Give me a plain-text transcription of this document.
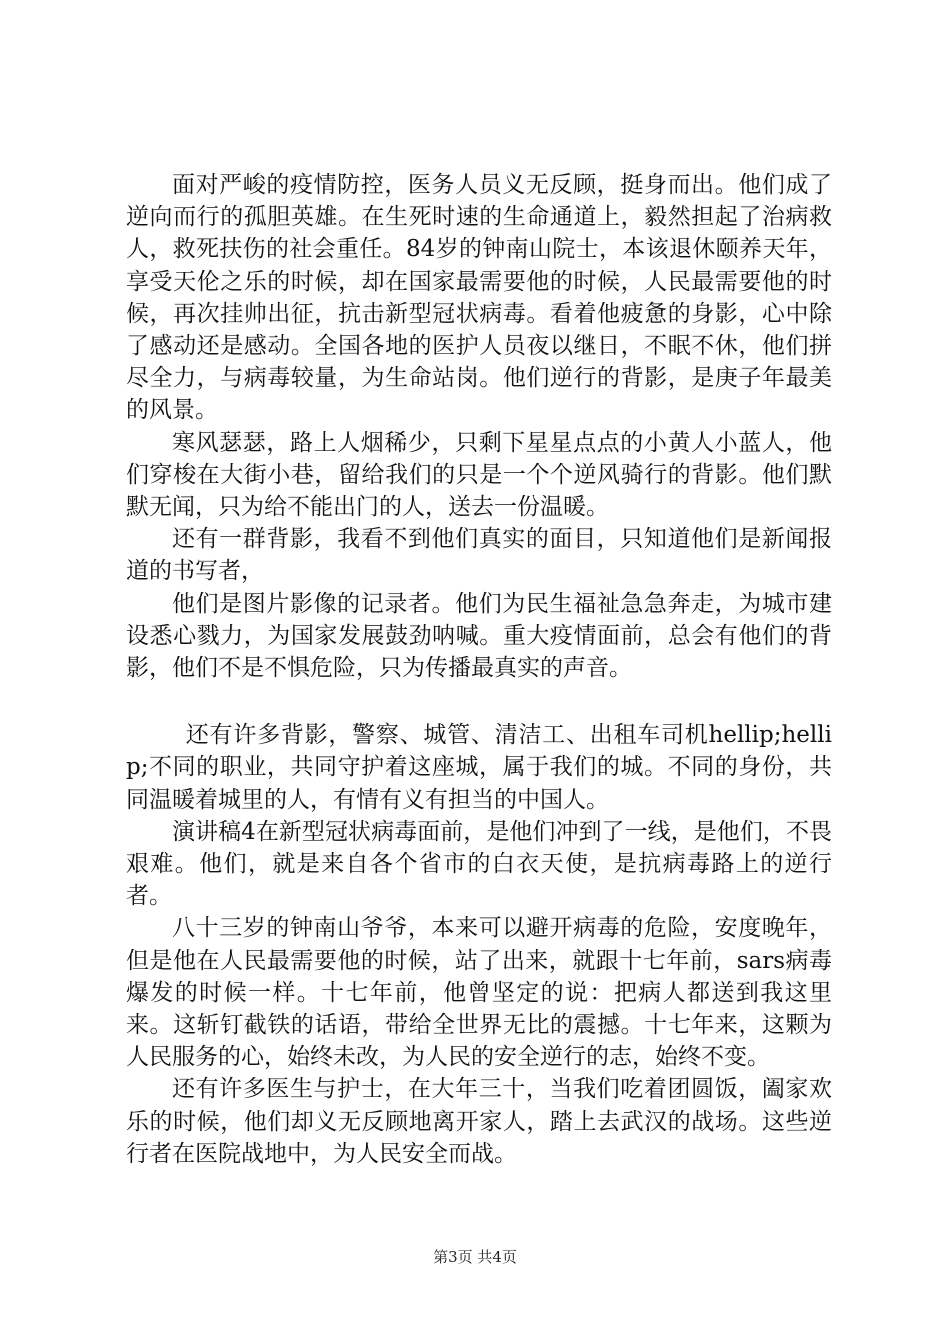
面对严峻的疫情防控，医务人员义无反顾，挺身而出。他们成了逆向而行的孤胆英雄。在生死时速的生命通道上，毅然担起了治病救人，救死扶伤的社会重任。84岁的钟南山院士，本该退休颐养天年，享受天伦之乐的时候，却在国家最需要他的时候，人民最需要他的时候，再次挂帅出征，抗击新型冠状病毒。看着他疲惫的身影，心中除了感动还是感动。全国各地的医护人员夜以继日，不眠不休，他们拼尽全力，与病毒较量，为生命站岗。他们逆行的背影，是庚子年最美的风景。

寒风瑟瑟，路上人烟稀少，只剩下星星点点的小黄人小蓝人，他们穿梭在大街小巷，留给我们的只是一个个逆风骑行的背影。他们默默无闻，只为给不能出门的人，送去一份温暖。

还有一群背影，我看不到他们真实的面目，只知道他们是新闻报道的书写者，

他们是图片影像的记录者。他们为民生福祉急急奔走，为城市建设悉心戮力，为国家发展鼓劲呐喊。重大疫情面前，总会有他们的背影，他们不是不惧危险，只为传播最真实的声音。

还有许多背影，警察、城管、清洁工、出租车司机hellip;hellip;不同的职业，共同守护着这座城，属于我们的城。不同的身份，共同温暖着城里的人，有情有义有担当的中国人。

演讲稿4在新型冠状病毒面前，是他们冲到了一线，是他们，不畏艰难。他们，就是来自各个省市的白衣天使，是抗病毒路上的逆行者。

八十三岁的钟南山爷爷，本来可以避开病毒的危险，安度晚年，但是他在人民最需要他的时候，站了出来，就跟十七年前，sars病毒爆发的时候一样。十七年前，他曾坚定的说：把病人都送到我这里来。这斩钉截铁的话语，带给全世界无比的震撼。十七年来，这颗为人民服务的心，始终未改，为人民的安全逆行的志，始终不变。

还有许多医生与护士，在大年三十，当我们吃着团圆饭，阖家欢乐的时候，他们却义无反顾地离开家人，踏上去武汉的战场。这些逆行者在医院战地中，为人民安全而战。

第3页 共4页
